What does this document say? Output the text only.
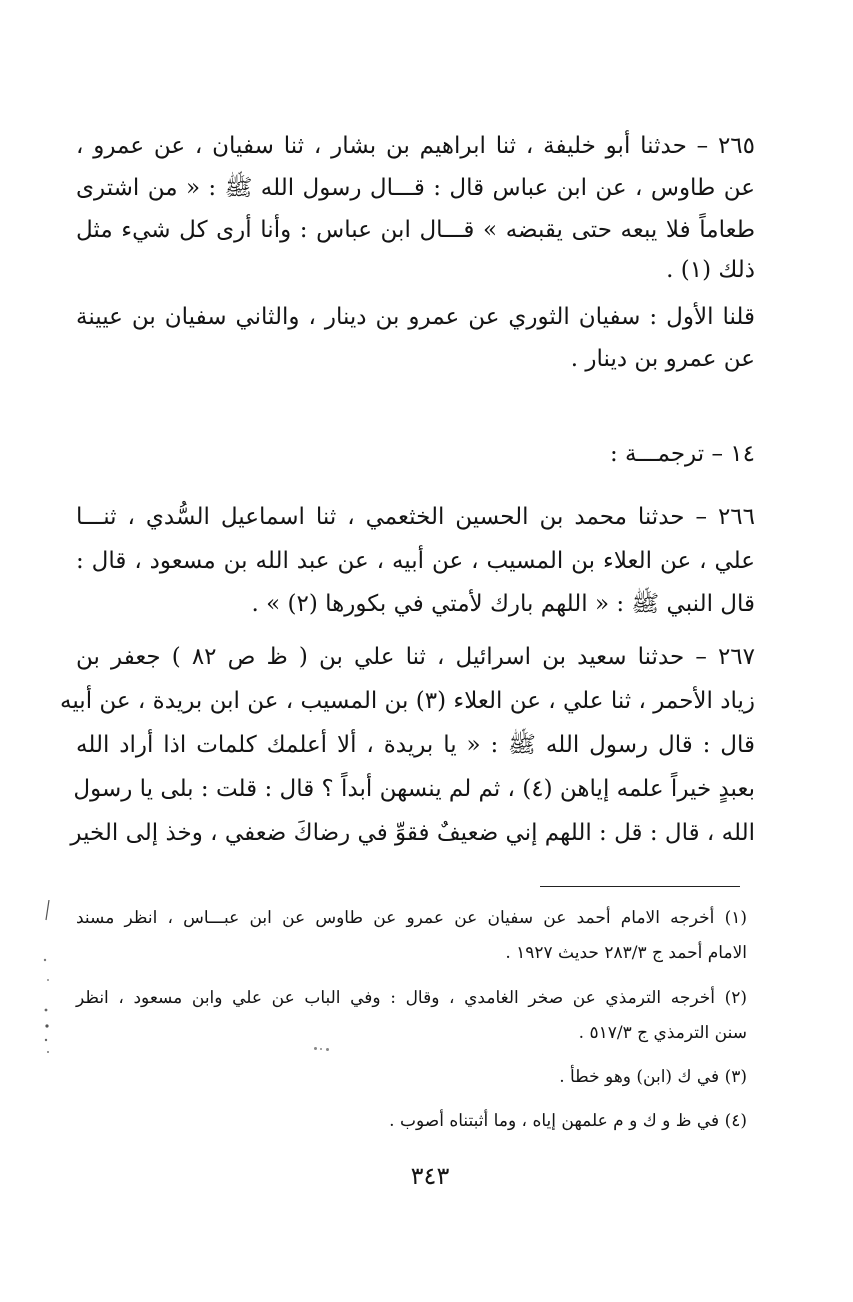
٢٦٥ – حدثنا أبو خليفة ، ثنا ابراهيم بن بشار ، ثنا سفيان ، عن عمرو ،
عن طاوس ، عن ابن عباس قال : قـــال رسول الله ﷺ : « من اشترى
طعاماً فلا يبعه حتى يقبضه » قـــال ابن عباس : وأنا أرى كل شيء مثل
ذلك (١) .
قلنا الأول : سفيان الثوري عن عمرو بن دينار ، والثاني سفيان بن عيينة
عن عمرو بن دينار .
١٤ – ترجمـــة :
٢٦٦ – حدثنا محمد بن الحسين الخثعمي ، ثنا اسماعيل السُّدي ، ثنـــا
علي ، عن العلاء بن المسيب ، عن أبيه ، عن عبد الله بن مسعود ، قال :
قال النبي ﷺ : « اللهم بارك لأمتي في بكورها (٢) » .
٢٦٧ – حدثنا سعيد بن اسرائيل ، ثنا علي بن ( ظ ص ٨٢ ) جعفر بن
زياد الأحمر ، ثنا علي ، عن العلاء (٣) بن المسيب ، عن ابن بريدة ، عن أبيه
قال : قال رسول الله ﷺ : « يا بريدة ، ألا أعلمك كلمات اذا أراد الله
بعبدٍ خيراً علمه إياهن (٤) ، ثم لم ينسهن أبداً ؟ قال : قلت : بلى يا رسول
الله ، قال : قل : اللهم إني ضعيفٌ فقوِّ في رضاكَ ضعفي ، وخذ إلى الخير
(١) أخرجه الامام أحمد عن سفيان عن عمرو عن طاوس عن ابن عبـــاس ، انظر مسند
الامام أحمد ج ٢٨٣/٣ حديث ١٩٢٧ .
(٢) أخرجه الترمذي عن صخر الغامدي ، وقال : وفي الباب عن علي وابن مسعود ، انظر
سنن الترمذي ج ٥١٧/٣ .
(٣) في ك (ابن) وهو خطأ .
(٤) في ظ و ك و م علمهن إياه ، وما أثبتناه أصوب .
٣٤٣
